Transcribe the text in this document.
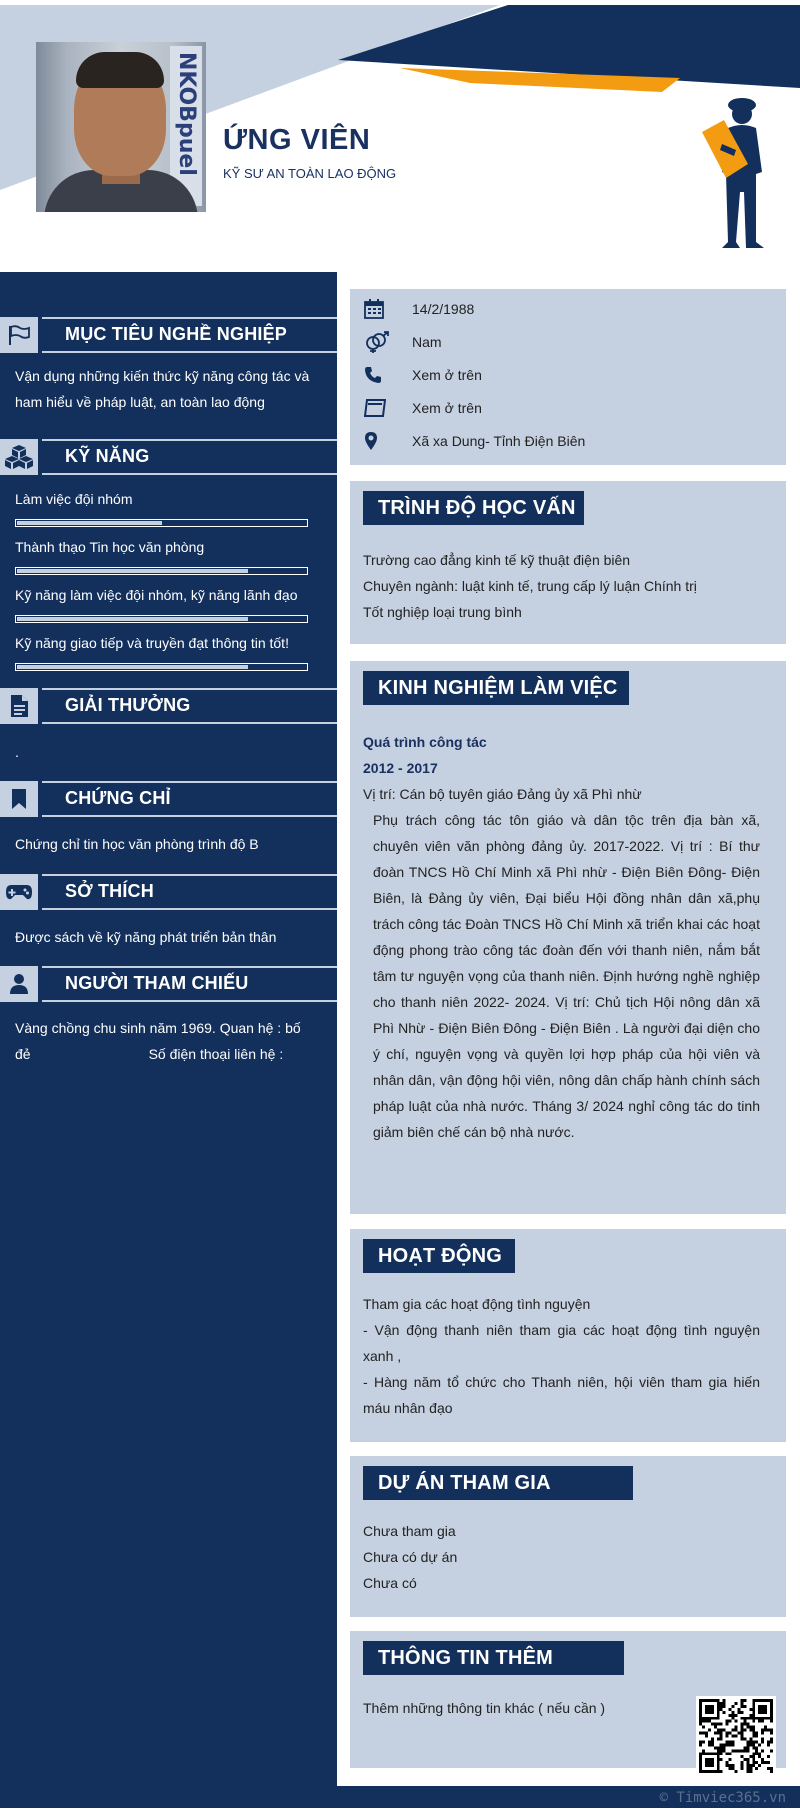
NKOBpuel ỨNG VIÊN
KỸ SƯ AN TOÀN LAO ĐỘNG
MỤC TIÊU NGHỀ NGHIỆP
Vận dụng những kiến thức kỹ năng công tác và ham hiểu về pháp luật, an toàn lao động
KỸ NĂNG
Làm việc đội nhóm
Thành thạo Tin học văn phòng
Kỹ năng làm việc đội nhóm, kỹ năng lãnh đạo
Kỹ năng giao tiếp và truyền đạt thông tin tốt!
GIẢI THƯỞNG
.
CHỨNG CHỈ
Chứng chỉ tin học văn phòng trình độ B
SỞ THÍCH
Được sách về kỹ năng phát triển bản thân
NGƯỜI THAM CHIẾU
Vàng chồng chu sinh năm 1969. Quan hệ : bố
đẻ	Số điện thoại liên hệ :
14/2/1988
Nam
Xem ở trên
Xem ở trên
Xã xa Dung- Tỉnh Điện Biên
TRÌNH ĐỘ HỌC VẤN
Trường cao đẳng kinh tế kỹ thuật điện biên
Chuyên ngành: luật kinh tế, trung cấp lý luận Chính trị
Tốt nghiệp loại trung bình
KINH NGHIỆM LÀM VIỆC
Quá trình công tác
2012 - 2017
Vị trí: Cán bộ tuyên giáo Đảng ủy xã Phì nhừ
Phụ trách công tác tôn giáo và dân tộc trên địa bàn xã, chuyên viên văn phòng đảng ủy. 2017-2022. Vị trí : Bí thư đoàn TNCS Hồ Chí Minh xã Phì nhừ - Điện Biên Đông- Điện Biên, là Đảng ủy viên, Đại biểu Hội đồng nhân dân xã,phụ trách công tác Đoàn TNCS Hồ Chí Minh xã triển khai các hoạt động phong trào công tác đoàn đến với thanh niên, nắm bắt tâm tư nguyện vọng của thanh niên. Định hướng nghề nghiệp cho thanh niên 2022- 2024. Vị trí: Chủ tịch Hội nông dân xã Phì Nhừ - Điện Biên Đông - Điện Biên . Là người đại diện cho ý chí, nguyện vọng và quyền lợi hợp pháp của hội viên và nhân dân, vận động hội viên, nông dân chấp hành chính sách pháp luật của nhà nước. Tháng 3/ 2024 nghỉ công tác do tinh giảm biên chế cán bộ nhà nước.
HOẠT ĐỘNG
Tham gia các hoạt động tình nguyện
- Vận động thanh niên tham gia các hoạt động tình nguyện xanh ,
- Hàng năm tổ chức cho Thanh niên, hội viên tham gia hiến máu nhân đạo
DỰ ÁN THAM GIA
Chưa tham gia
Chưa có dự án
Chưa có
THÔNG TIN THÊM
Thêm những thông tin khác ( nếu cần )
© Timviec365.vn
